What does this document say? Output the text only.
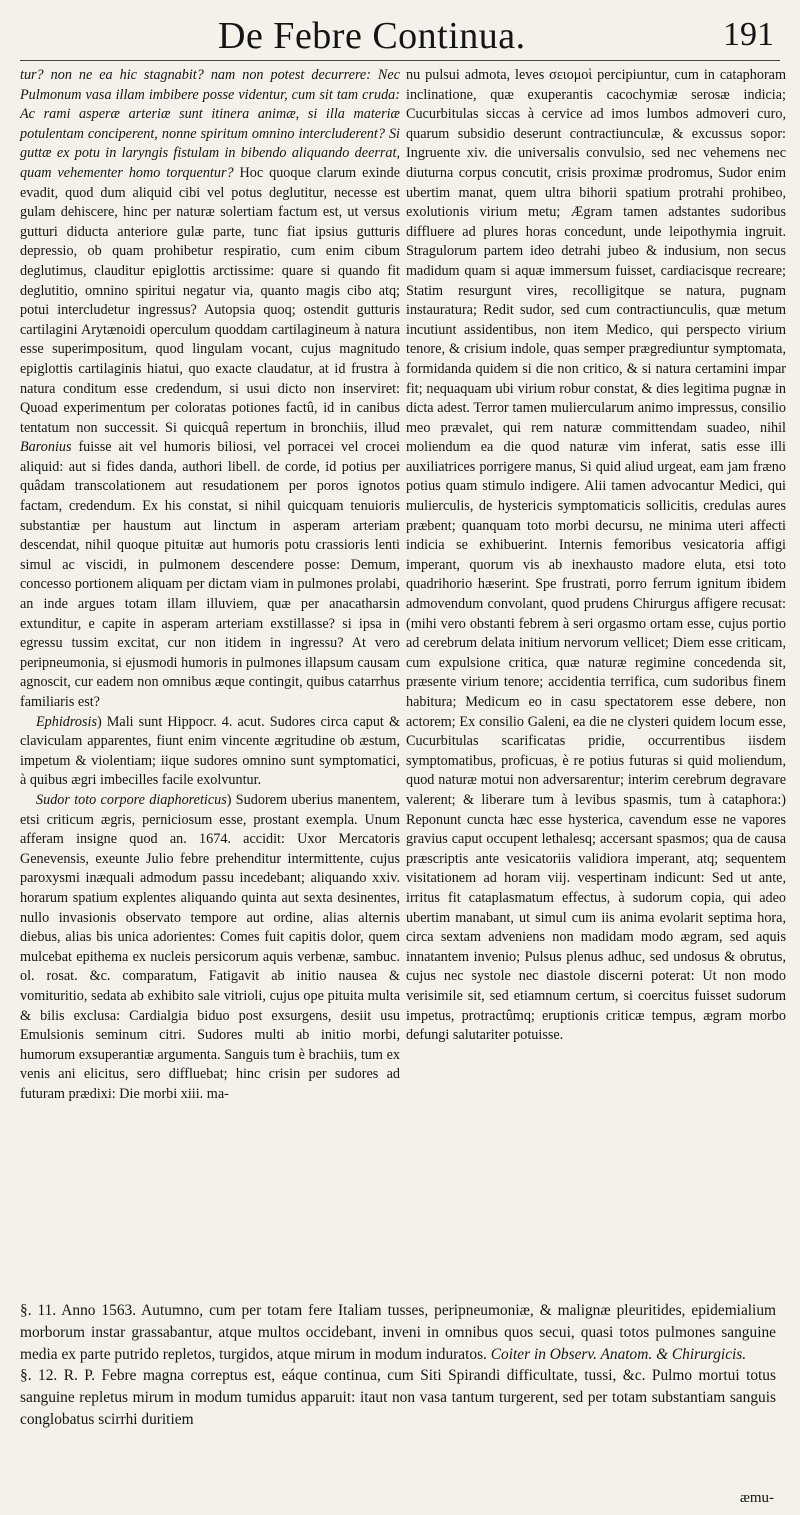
De Febre Continua.	191

tur? non ne ea hic stagnabit? nam non potest decurrere: Nec Pulmonum vasa illam imbibere posse videntur, cum sit tam cruda: Ac rami asperæ arteriæ sunt itinera animæ, si illa materiæ potulentam conciperent, nonne spiritum omnino intercluderent? Si guttæ ex potu in laryngis fistulam in bibendo aliquando deerrat, quam vehementer homo torquentur? Hoc quoque clarum exinde evadit, quod dum aliquid cibi vel potus deglutitur, necesse est gulam dehiscere, hinc per naturæ solertiam factum est, ut versus gutturi diducta anteriore gulæ parte, tunc fiat ipsius gutturis depressio, ob quam prohibetur respiratio, cum enim cibum deglutimus, clauditur epiglottis arctissime: quare si quando fit deglutitio, omnino spiritui negatur via, quanto magis cibo atq; potui intercludetur ingressus? Autopsia quoq; ostendit gutturis cartilagini Arytænoidi operculum quoddam cartilagineum à natura esse superimpositum, quod lingulam vocant, cujus magnitudo epiglottis cartilaginis hiatui, quo exacte claudatur, at id frustra à natura conditum esse credendum, si usui dicto non inserviret: Quoad experimentum per coloratas potiones factû, id in canibus tentatum non successit. Si quicquâ repertum in bronchiis, illud Baronius fuisse ait vel humoris biliosi, vel porracei vel crocei aliquid: aut si fides danda, authori libell. de corde, id potius per quâdam transcolationem aut resudationem per poros ignotos factam, credendum. Ex his constat, si nihil quicquam tenuioris substantiæ per haustum aut linctum in asperam arteriam descendat, nihil quoque pituitæ aut humoris potu crassioris lenti simul ac viscidi, in pulmonem descendere posse: Demum, concesso portionem aliquam per dictam viam in pulmones prolabi, an inde argues totam illam illuviem, quæ per anacatharsin extunditur, e capite in asperam arteriam exstillasse? si ipsa in egressu tussim excitat, cur non itidem in ingressu? At vero peripneumonia, si ejusmodi humoris in pulmones illapsum causam agnoscit, cur eadem non omnibus æque contingit, quibus catarrhus familiaris est?

Ephidrosis) Mali sunt Hippocr. 4. acut. Sudores circa caput & claviculam apparentes, fiunt enim vincente ægritudine ob æstum, impetum & violentiam; iique sudores omnino sunt symptomatici, à quibus ægri imbecilles facile exolvuntur.

Sudor toto corpore diaphoreticus) Sudorem uberius manentem, etsi criticum ægris, perniciosum esse, prostant exempla. Unum afferam insigne quod an. 1674. accidit: Uxor Mercatoris Genevensis, exeunte Julio febre prehenditur intermittente, cujus paroxysmi inæquali admodum passu incedebant; aliquando xxiv. horarum spatium explentes aliquando quinta aut sexta desinentes, nullo invasionis observato tempore aut ordine, alias alternis diebus, alias bis unica adorientes: Comes fuit capitis dolor, quem mulcebat epithema ex nucleis persicorum aquis verbenæ, sambuc. ol. rosat. &c. comparatum, Fatigavit ab initio nausea & vomituritio, sedata ab exhibito sale vitrioli, cujus ope pituita multa & bilis exclusa: Cardialgia biduo post exsurgens, desiit usu Emulsionis seminum citri. Sudores multi ab initio morbi, humorum exsuperantiæ argumenta. Sanguis tum è brachiis, tum ex venis ani elicitus, sero diffluebat; hinc crisin per sudores ad futuram prædixi: Die morbi xiii. ma-

nu pulsui admota, leves σειομοὶ percipiuntur, cum in cataphoram inclinatione, quæ exuperantis cacochymiæ serosæ indicia; Cucurbitulas siccas à cervice ad imos lumbos admoveri curo, quarum subsidio deserunt contractiunculæ, & excussus sopor: Ingruente xiv. die universalis convulsio, sed nec vehemens nec diuturna corpus concutit, crisis proximæ prodromus, Sudor enim ubertim manat, quem ultra bihorii spatium protrahi prohibeo, exolutionis virium metu; Ægram tamen adstantes sudoribus diffluere ad plures horas concedunt, unde leipothymia ingruit. Stragulorum partem ideo detrahi jubeo & indusium, non secus madidum quam si aquæ immersum fuisset, cardiacisque recreare; Statim resurgunt vires, recolligitque se natura, pugnam instauratura; Redit sudor, sed cum contractiunculis, quæ metum incutiunt assidentibus, non item Medico, qui perspecto virium tenore, & crisium indole, quas semper prægrediuntur symptomata, formidanda quidem si die non critico, & si natura certamini impar fit; nequaquam ubi virium robur constat, & dies legitima pugnæ in dicta adest. Terror tamen muliercularum animo impressus, consilio meo prævalet, qui rem naturæ committendam suadeo, nihil moliendum ea die quod naturæ vim inferat, satis esse illi auxiliatrices porrigere manus, Si quid aliud urgeat, eam jam fræno potius quam stimulo indigere. Alii tamen advocantur Medici, qui mulierculis, de hystericis symptomaticis sollicitis, credulas aures præbent; quanquam toto morbi decursu, ne minima uteri affecti indicia se exhibuerint. Internis femoribus vesicatoria affigi imperant, quorum vis ab inexhausto madore eluta, etsi toto quadrihorio hæserint. Spe frustrati, porro ferrum ignitum ibidem admovendum convolant, quod prudens Chirurgus affigere recusat: (mihi vero obstanti febrem à seri orgasmo ortam esse, cujus portio ad cerebrum delata initium nervorum vellicet; Diem esse criticam, cum expulsione critica, quæ naturæ regimine concedenda sit, præsente virium tenore; accidentia terrifica, cum sudoribus finem habitura; Medicum eo in casu spectatorem esse debere, non actorem; Ex consilio Galeni, ea die ne clysteri quidem locum esse, Cucurbitulas scarificatas pridie, occurrentibus iisdem symptomatibus, proficuas, è re potius futuras si quid moliendum, quod naturæ motui non adversarentur; interim cerebrum degravare valerent; & liberare tum à levibus spasmis, tum à cataphora:) Reponunt cuncta hæc esse hysterica, cavendum esse ne vapores gravius caput occupent lethalesq; accersant spasmos; qua de causa præscriptis ante vesicatoriis validiora imperant, atq; sequentem visitationem ad horam viij. vespertinam indicunt: Sed ut ante, irritus fit cataplasmatum effectus, à sudorum copia, qui adeo ubertim manabant, ut simul cum iis anima evolarit septima hora, circa sextam adveniens non madidam modo ægram, sed aquis innatantem invenio; Pulsus plenus adhuc, sed undosus & obrutus, cujus nec systole nec diastole discerni poterat: Ut non modo verisimile sit, sed etiamnum certum, si coercitus fuisset sudorum impetus, protractûmq; eruptionis criticæ tempus, ægram morbo defungi salutariter potuisse.

§. 11. Anno 1563. Autumno, cum per totam fere Italiam tusses, peripneumoniæ, & malignæ pleuritides, epidemialium morborum instar grassabantur, atque multos occidebant, inveni in omnibus quos secui, quasi totos pulmones sanguine media ex parte putrido repletos, turgidos, atque mirum in modum induratos. Coiter in Observ. Anatom. & Chirurgicis.

§. 12. R. P. Febre magna correptus est, eáque continua, cum Siti Spirandi difficultate, tussi, &c. Pulmo mortui totus sanguine repletus mirum in modum tumidus apparuit: itaut non vasa tantum turgerent, sed per totam substantiam sanguis conglobatus scirrhi duritiem

æmu-
